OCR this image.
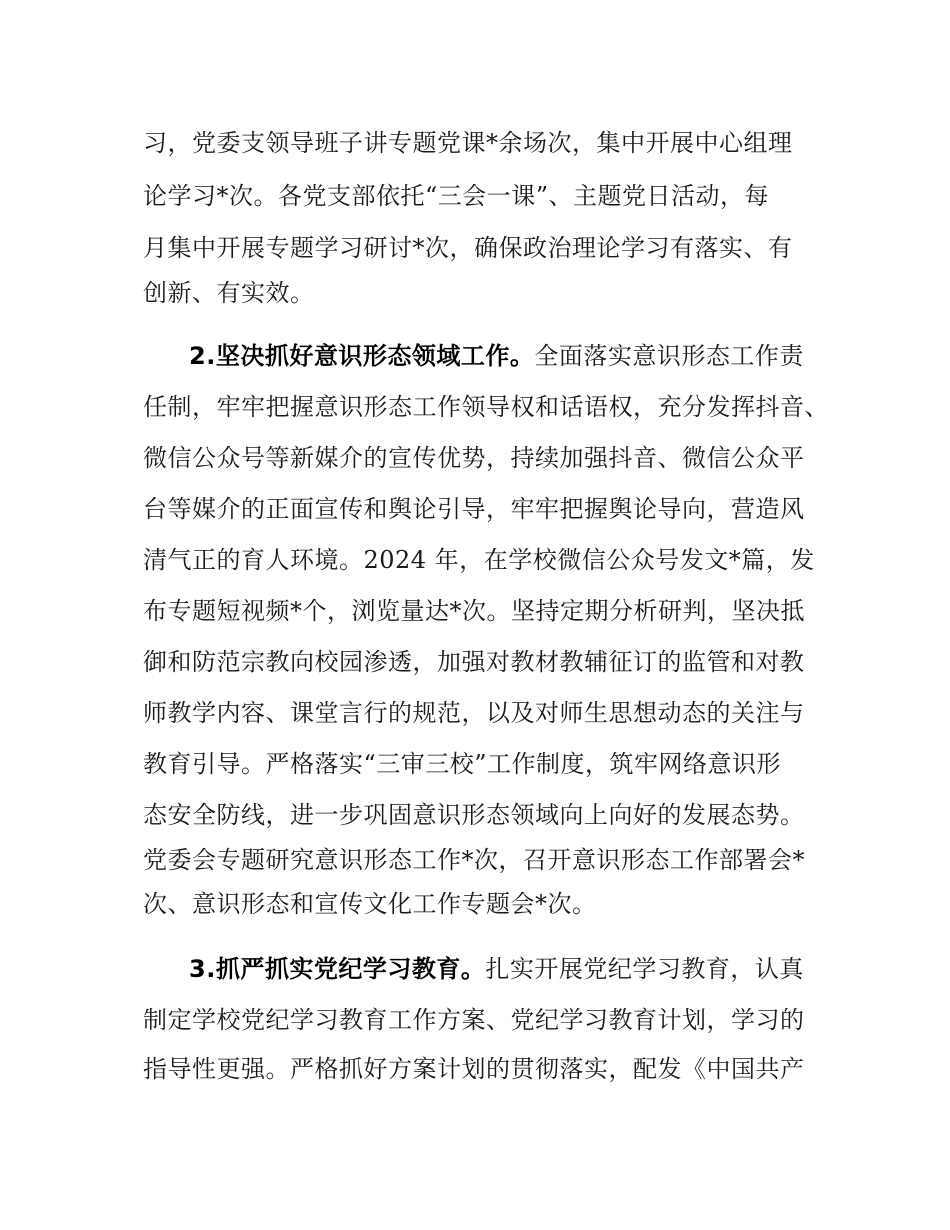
习，党委支领导班子讲专题党课*余场次，集中开展中心组理
论学习*次。各党支部依托“三会一课”、主题党日活动，每
月集中开展专题学习研讨*次，确保政治理论学习有落实、有
创新、有实效。
2.坚决抓好意识形态领域工作。全面落实意识形态工作责
任制，牢牢把握意识形态工作领导权和话语权，充分发挥抖音、
微信公众号等新媒介的宣传优势，持续加强抖音、微信公众平
台等媒介的正面宣传和舆论引导，牢牢把握舆论导向，营造风
清气正的育人环境。2024 年，在学校微信公众号发文*篇，发
布专题短视频*个，浏览量达*次。坚持定期分析研判，坚决抵
御和防范宗教向校园渗透，加强对教材教辅征订的监管和对教
师教学内容、课堂言行的规范，以及对师生思想动态的关注与
教育引导。严格落实“三审三校”工作制度，筑牢网络意识形
态安全防线，进一步巩固意识形态领域向上向好的发展态势。
党委会专题研究意识形态工作*次，召开意识形态工作部署会*
次、意识形态和宣传文化工作专题会*次。
3.抓严抓实党纪学习教育。扎实开展党纪学习教育，认真
制定学校党纪学习教育工作方案、党纪学习教育计划，学习的
指导性更强。严格抓好方案计划的贯彻落实，配发《中国共产
